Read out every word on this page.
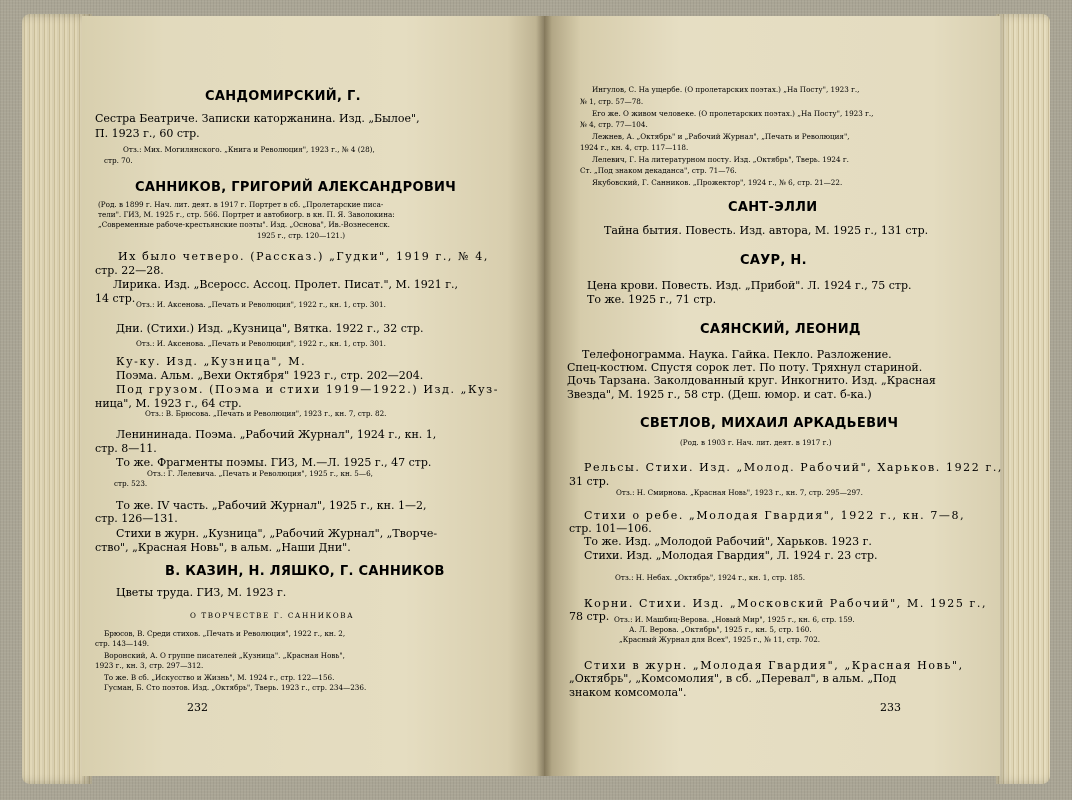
САНДОМИРСКИЙ, Г.
Сестра Беатриче. Записки каторжанина. Изд. „Былое",
П. 1923 г., 60 стр.
Отз.: Мих. Могилянского. „Книга и Революция", 1923 г., № 4 (28),
стр. 70.
САННИКОВ, ГРИГОРИЙ АЛЕКСАНДРОВИЧ
(Род. в 1899 г. Нач. лит. деят. в 1917 г. Портрет в сб. „Пролетарские писа-
тели". ГИЗ, М. 1925 г., стр. 566. Портрет и автобиогр. в кн. П. Я. Заволокина:
„Современные рабоче-крестьянские поэты". Изд. „Основа", Ив.-Вознесенск.
1925 г., стр. 120—121.)
Их было четверо. (Рассказ.) „Гудки", 1919 г., № 4,
стр. 22—28.
Лирика. Изд. „Всеросс. Ассоц. Пролет. Писат.", М. 1921 г.,
14 стр. Отз.: И. Аксенова. „Печать и Революция", 1922 г., кн. 1, стр. 301.
Дни. (Стихи.) Изд. „Кузница", Вятка. 1922 г., 32 стр.
Отз.: И. Аксенова. „Печать и Революция", 1922 г., кн. 1, стр. 301.
Ку-ку. Изд. „Кузница", М.
Поэма. Альм. „Вехи Октября" 1923 г., стр. 202—204.
Под грузом. (Поэма и стихи 1919—1922.) Изд. „Куз-
ница", М. 1923 г., 64 стр.
Отз.: В. Брюсова. „Печать и Революция", 1923 г., кн. 7, стр. 82.
Ленининада. Поэма. „Рабочий Журнал", 1924 г., кн. 1,
стр. 8—11.
То же. Фрагменты поэмы. ГИЗ, М.—Л. 1925 г., 47 стр.
Отз.: Г. Лелевича. „Печать и Революция", 1925 г., кн. 5—6,
стр. 523.
То же. IV часть. „Рабочий Журнал", 1925 г., кн. 1—2,
стр. 126—131.
Стихи в журн. „Кузница", „Рабочий Журнал", „Творче-
ство", „Красная Новь", в альм. „Наши Дни".
В. КАЗИН, Н. ЛЯШКО, Г. САННИКОВ
Цветы труда. ГИЗ, М. 1923 г.
О ТВОРЧЕСТВЕ Г. САННИКОВА
Брюсов, В. Среди стихов. „Печать и Революция", 1922 г., кн. 2,
стр. 143—149.
Воронский, А. О группе писателей „Кузница". „Красная Новь",
1923 г., кн. 3, стр. 297—312.
То же. В сб. „Искусство и Жизнь", М. 1924 г., стр. 122—156.
Гусман, Б. Сто поэтов. Изд. „Октябрь", Тверь. 1923 г., стр. 234—236.
Ингулов, С. На ущербе. (О пролетарских поэтах.) „На Посту", 1923 г.,
№ 1, стр. 57—78.
Его же. О живом человеке. (О пролетарских поэтах.) „На Посту", 1923 г.,
№ 4, стр. 77—104.
Лежнев, А. „Октябрь" и „Рабочий Журнал", „Печать и Революция",
1924 г., кн. 4, стр. 117—118.
Лелевич, Г. На литературном посту. Изд. „Октябрь", Тверь. 1924 г.
Ст. „Под знаком декаданса", стр. 71—76.
Якубовский, Г. Санников. „Прожектор", 1924 г., № 6, стр. 21—22.
САНТ-ЭЛЛИ
Тайна бытия. Повесть. Изд. автора, М. 1925 г., 131 стр.
САУР, Н.
Цена крови. Повесть. Изд. „Прибой". Л. 1924 г., 75 стр.
То же. 1925 г., 71 стр.
САЯНСКИЙ, ЛЕОНИД
Телефонограмма. Наука. Гайка. Пекло. Разложение.
Спец-костюм. Спустя сорок лет. По поту. Тряхнул стариной.
Дочь Тарзана. Заколдованный круг. Инкогнито. Изд. „Красная
Звезда", М. 1925 г., 58 стр. (Деш. юмор. и сат. б-ка.)
СВЕТЛОВ, МИХАИЛ АРКАДЬЕВИЧ
(Род. в 1903 г. Нач. лит. деят. в 1917 г.)
Рельсы. Стихи. Изд. „Молод. Рабочий", Харьков. 1922 г.,
31 стр.
Отз.: Н. Смирнова. „Красная Новь", 1923 г., кн. 7, стр. 295—297.
Стихи о ребе. „Молодая Гвардия", 1922 г., кн. 7—8,
стр. 101—106.
То же. Изд. „Молодой Рабочий", Харьков. 1923 г.
Стихи. Изд. „Молодая Гвардия", Л. 1924 г. 23 стр.
Отз.: Н. Небах. „Октябрь", 1924 г., кн. 1, стр. 185.
Корни. Стихи. Изд. „Московский Рабочий", М. 1925 г.,
78 стр. Отз.: И. Машбиц-Верова. „Новый Мир", 1925 г., кн. 6, стр. 159.
А. Л. Верова. „Октябрь", 1925 г., кн. 5, стр. 160.
„Красный Журнал для Всех", 1925 г., № 11, стр. 702.
Стихи в журн. „Молодая Гвардия", „Красная Новь",
„Октябрь", „Комсомолия", в сб. „Перевал", в альм. „Под
знаком комсомола".
232	233
